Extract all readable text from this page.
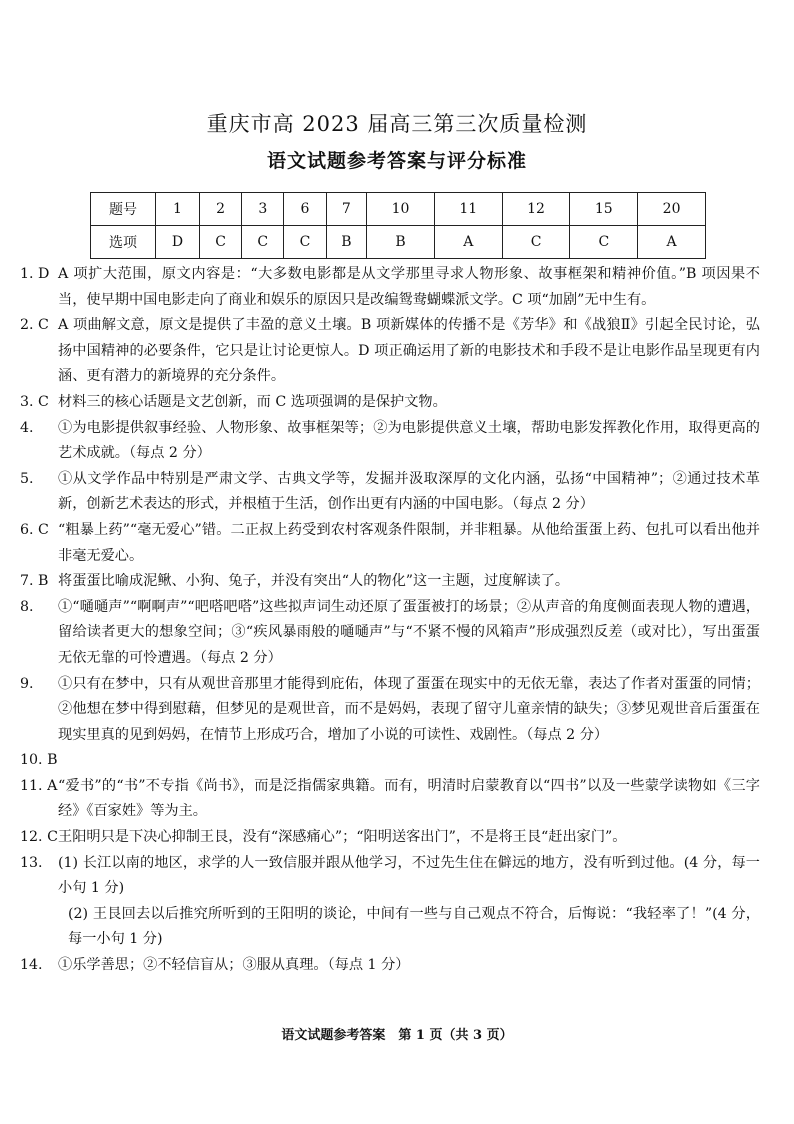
重庆市高 2023 届高三第三次质量检测
语文试题参考答案与评分标准
题号	1	2	3	6	7	10	11	12	15	20
选项	D	C	C	C	B	B	A	C	C	A
1. D A 项扩大范围，原文内容是：“大多数电影都是从文学那里寻求人物形象、故事框架和精神价值。”B 项因果不当，使早期中国电影走向了商业和娱乐的原因只是改编鸳鸯蝴蝶派文学。C 项“加剧”无中生有。
2. C A 项曲解文意，原文是提供了丰盈的意义土壤。B 项新媒体的传播不是《芳华》和《战狼Ⅱ》引起全民讨论，弘扬中国精神的必要条件，它只是让讨论更惊人。D 项正确运用了新的电影技术和手段不是让电影作品呈现更有内涵、更有潜力的新境界的充分条件。
3. C 材料三的核心话题是文艺创新，而 C 选项强调的是保护文物。
4.	①为电影提供叙事经验、人物形象、故事框架等；②为电影提供意义土壤，帮助电影发挥教化作用，取得更高的艺术成就。（每点 2 分）
5.	①从文学作品中特别是严肃文学、古典文学等，发掘并汲取深厚的文化内涵，弘扬“中国精神”；②通过技术革新，创新艺术表达的形式，并根植于生活，创作出更有内涵的中国电影。（每点 2 分）
6. C “粗暴上药”“毫无爱心”错。二正叔上药受到农村客观条件限制，并非粗暴。从他给蛋蛋上药、包扎可以看出他并非毫无爱心。
7. B 将蛋蛋比喻成泥鳅、小狗、兔子，并没有突出“人的物化”这一主题，过度解读了。
8.	①“嗵嗵声”“啊啊声”“吧嗒吧嗒”这些拟声词生动还原了蛋蛋被打的场景；②从声音的角度侧面表现人物的遭遇，留给读者更大的想象空间；③“疾风暴雨般的嗵嗵声”与“不紧不慢的风箱声”形成强烈反差（或对比），写出蛋蛋无依无靠的可怜遭遇。（每点 2 分）
9.	①只有在梦中，只有从观世音那里才能得到庇佑，体现了蛋蛋在现实中的无依无靠，表达了作者对蛋蛋的同情；②他想在梦中得到慰藉，但梦见的是观世音，而不是妈妈，表现了留守儿童亲情的缺失；③梦见观世音后蛋蛋在现实里真的见到妈妈，在情节上形成巧合，增加了小说的可读性、戏剧性。（每点 2 分）
10. B

11. A “爱书”的“书”不专指《尚书》，而是泛指儒家典籍。而有，明清时启蒙教育以“四书”以及一些蒙学读物如《三字经》《百家姓》等为主。
12. C 王阳明只是下决心抑制王艮，没有“深感痛心”；“阳明送客出门”，不是将王艮“赶出家门”。
13.	(1) 长江以南的地区，求学的人一致信服并跟从他学习，不过先生住在僻远的地方，没有听到过他。(4 分，每一小句 1 分)
(2) 王艮回去以后推究所听到的王阳明的谈论，中间有一些与自己观点不符合，后悔说：“我轻率了！”(4 分，每一小句 1 分)
14.	①乐学善思；②不轻信盲从；③服从真理。（每点 1 分）
语文试题参考答案　第 1 页（共 3 页）
